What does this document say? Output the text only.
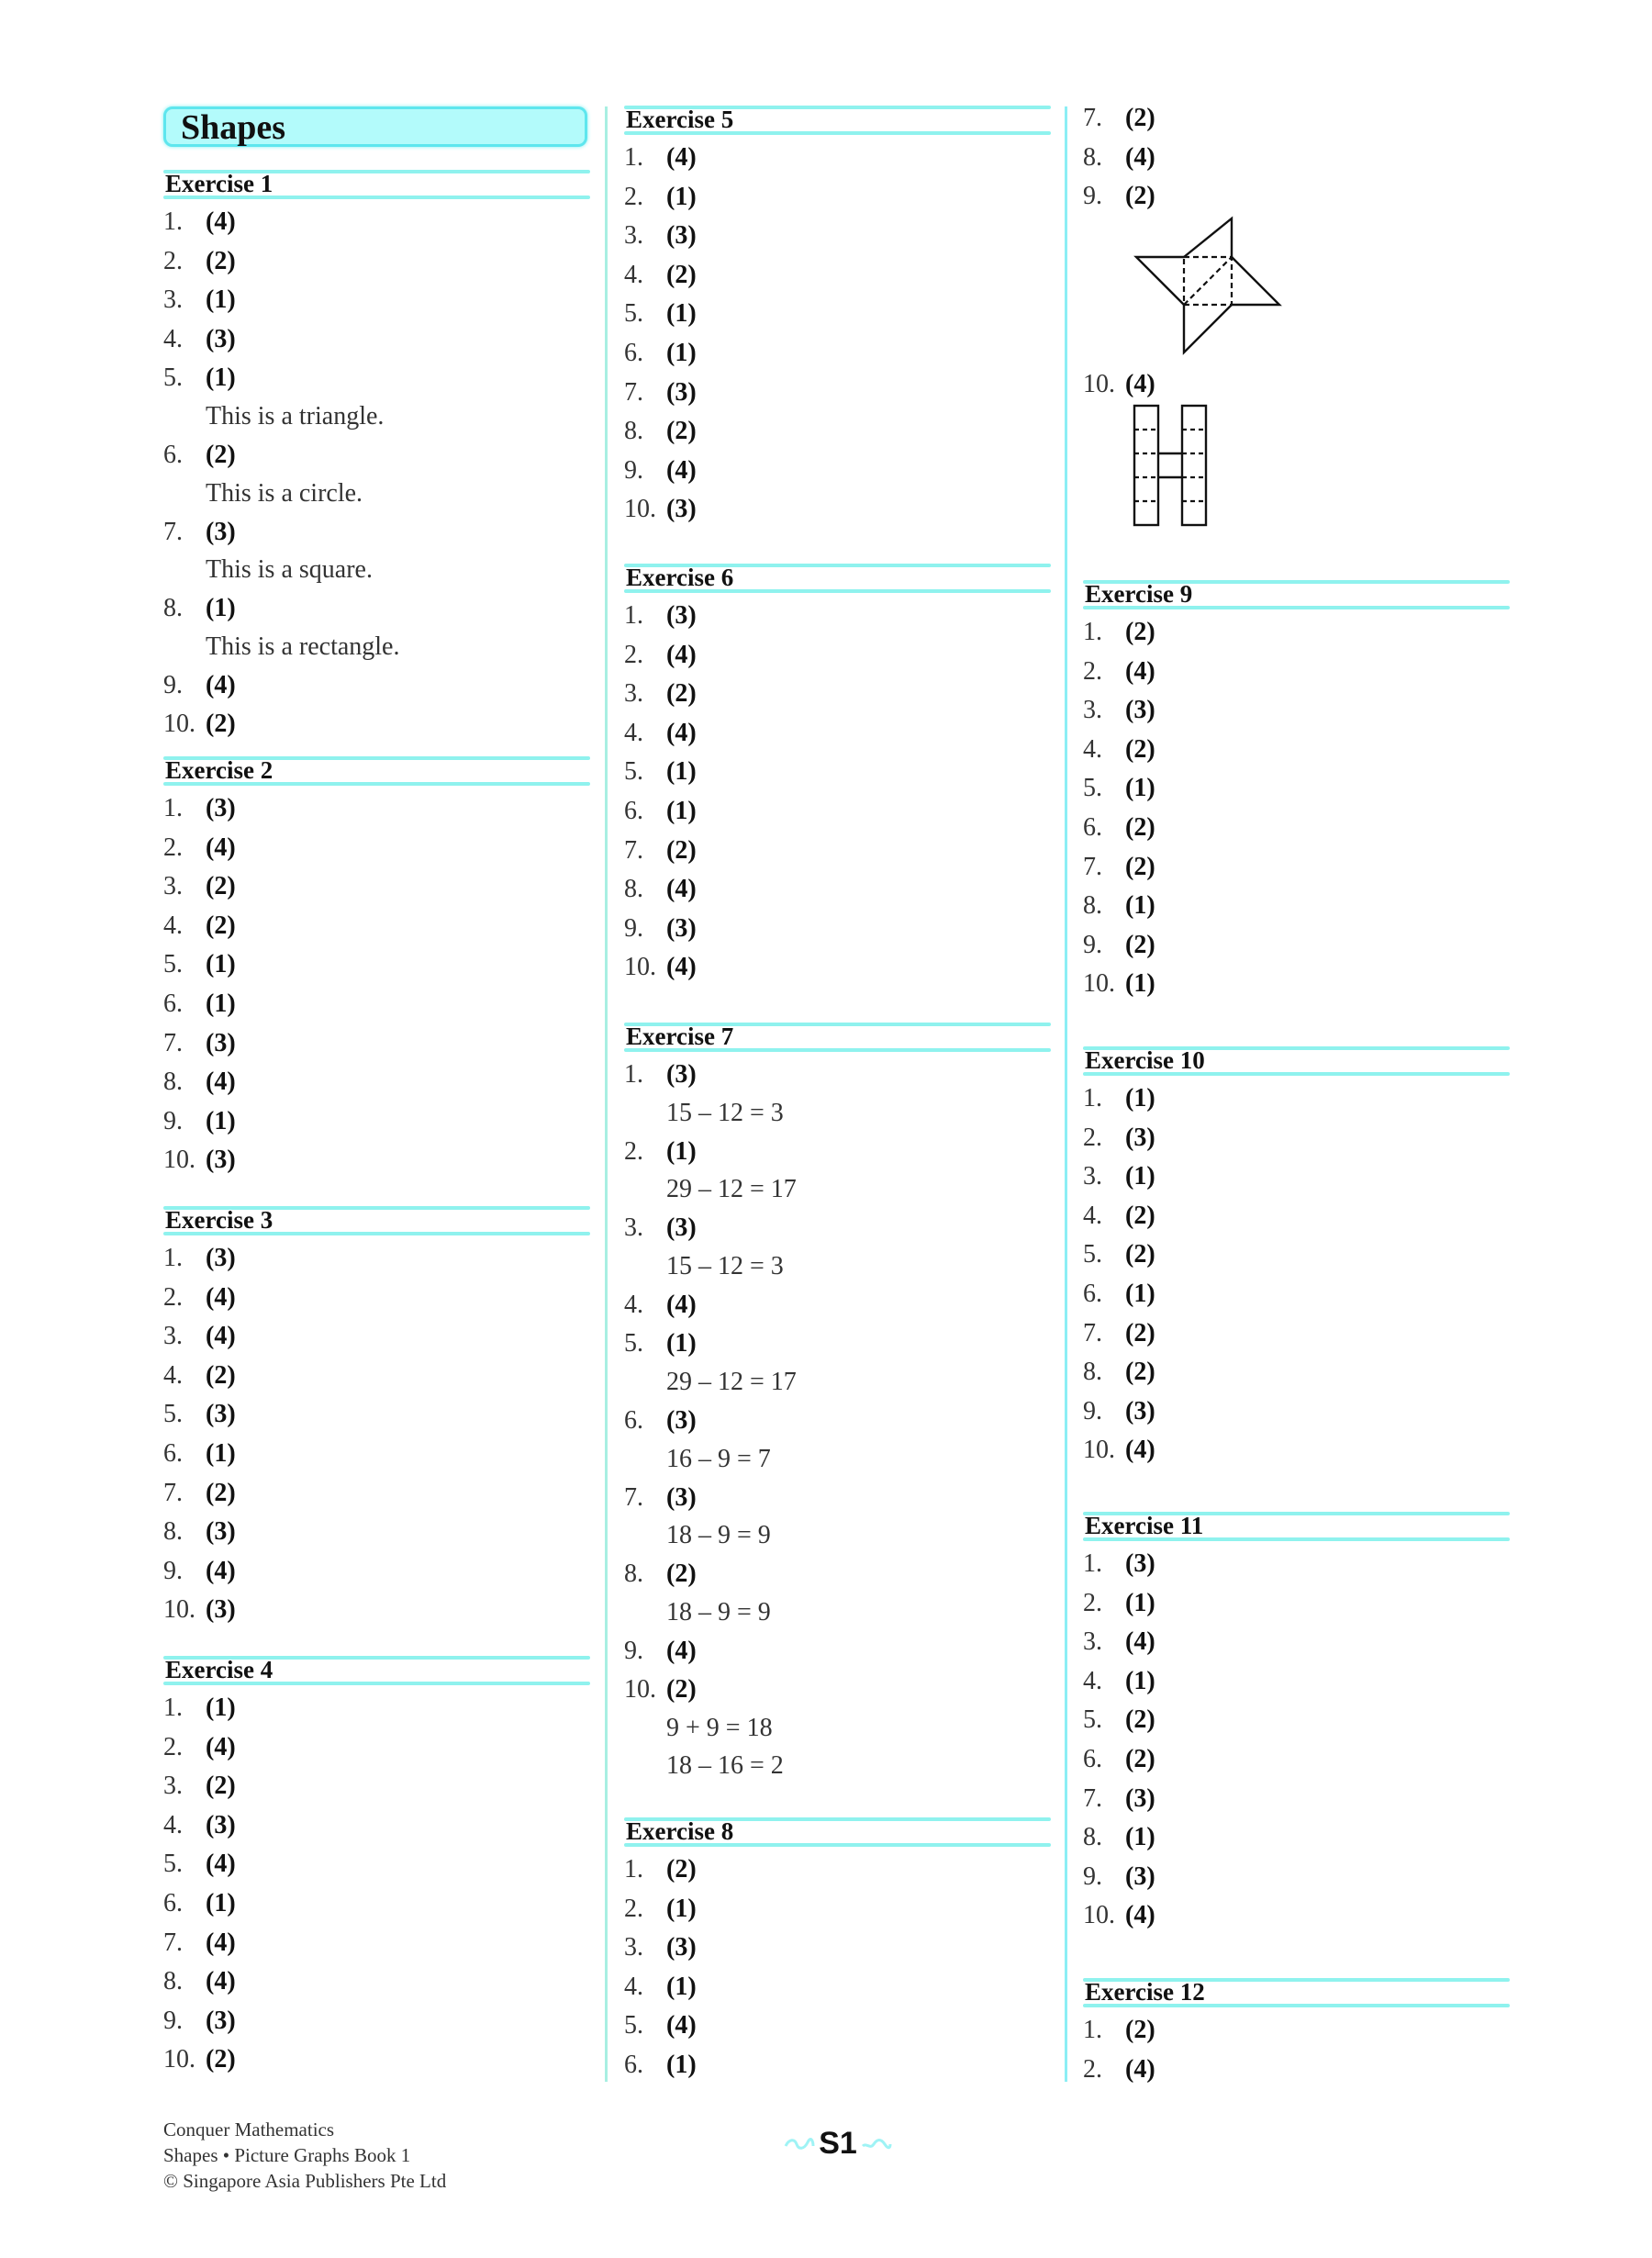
Shapes
Exercise 1
1. (4)
2. (2)
3. (1)
4. (3)
5. (1)
This is a triangle.
6. (2)
This is a circle.
7. (3)
This is a square.
8. (1)
This is a rectangle.
9. (4)
10. (2)
Exercise 2
1. (3)
2. (4)
3. (2)
4. (2)
5. (1)
6. (1)
7. (3)
8. (4)
9. (1)
10. (3)
Exercise 3
1. (3)
2. (4)
3. (4)
4. (2)
5. (3)
6. (1)
7. (2)
8. (3)
9. (4)
10. (3)
Exercise 4
1. (1)
2. (4)
3. (2)
4. (3)
5. (4)
6. (1)
7. (4)
8. (4)
9. (3)
10. (2)
Exercise 5
1. (4)
2. (1)
3. (3)
4. (2)
5. (1)
6. (1)
7. (3)
8. (2)
9. (4)
10. (3)
Exercise 6
1. (3)
2. (4)
3. (2)
4. (4)
5. (1)
6. (1)
7. (2)
8. (4)
9. (3)
10. (4)
Exercise 7
1. (3)
15 – 12 = 3
2. (1)
29 – 12 = 17
3. (3)
15 – 12 = 3
4. (4)
5. (1)
29 – 12 = 17
6. (3)
16 – 9 = 7
7. (3)
18 – 9 = 9
8. (2)
18 – 9 = 9
9. (4)
10. (2)
9 + 9 = 18
18 – 16 = 2
Exercise 8
1. (2)
2. (1)
3. (3)
4. (1)
5. (4)
6. (1)
7. (2)
8. (4)
9. (2)
10. (4)
Exercise 9
1. (2)
2. (4)
3. (3)
4. (2)
5. (1)
6. (2)
7. (2)
8. (1)
9. (2)
10. (1)
Exercise 10
1. (1)
2. (3)
3. (1)
4. (2)
5. (2)
6. (1)
7. (2)
8. (2)
9. (3)
10. (4)
Exercise 11
1. (3)
2. (1)
3. (4)
4. (1)
5. (2)
6. (2)
7. (3)
8. (1)
9. (3)
10. (4)
Exercise 12
1. (2)
2. (4)
Conquer Mathematics
Shapes • Picture Graphs Book 1
© Singapore Asia Publishers Pte Ltd
S1
